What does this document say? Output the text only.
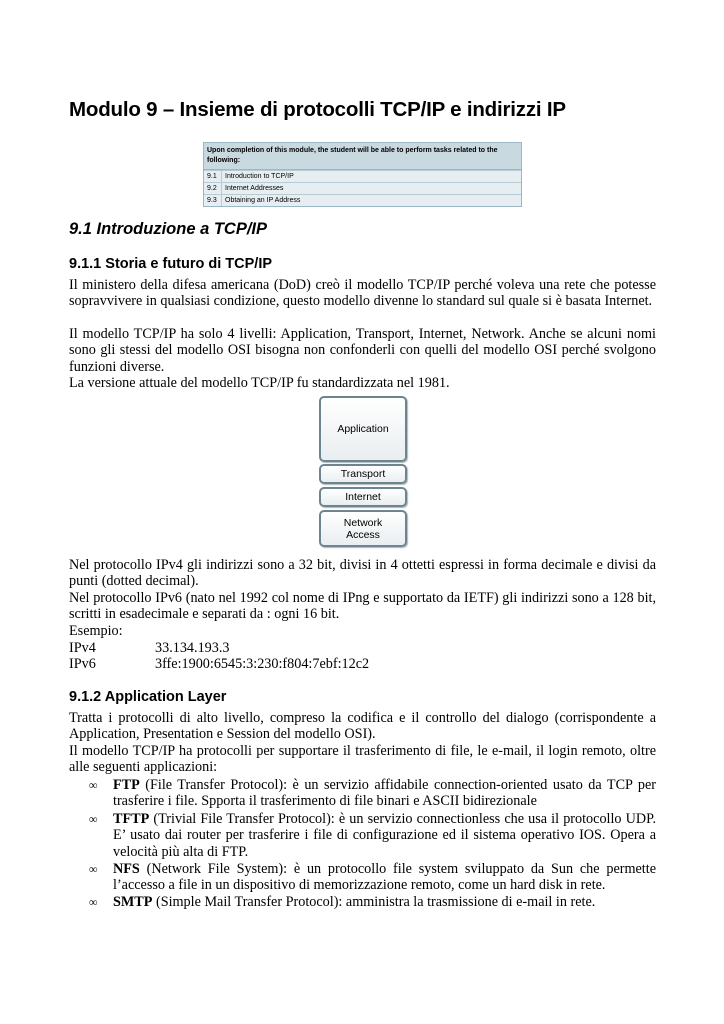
Modulo 9 – Insieme di protocolli TCP/IP e indirizzi IP
Upon completion of this module, the student will be able to perform tasks related to the following:
9.1	Introduction to TCP/IP
9.2	Internet Addresses
9.3	Obtaining an IP Address
9.1 Introduzione a TCP/IP
9.1.1 Storia e futuro di TCP/IP

Il ministero della difesa americana (DoD) creò il modello TCP/IP perché voleva una rete che potesse sopravvivere in qualsiasi condizione, questo modello divenne lo standard sul quale si è basata Internet.

Il modello TCP/IP ha solo 4 livelli: Application, Transport, Internet, Network. Anche se alcuni nomi sono gli stessi del modello OSI bisogna non confonderli con quelli del modello OSI perché svolgono funzioni diverse.

La versione attuale del modello TCP/IP fu standardizzata nel 1981.

Application
Transport
Internet
Network Access

Nel protocollo IPv4 gli indirizzi sono a 32 bit, divisi in 4 ottetti espressi in forma decimale e divisi da punti (dotted decimal).

Nel protocollo IPv6 (nato nel 1992 col nome di IPng e supportato da IETF) gli indirizzi sono a 128 bit, scritti in esadecimale e separati da : ogni 16 bit.

Esempio:
IPv4	33.134.193.3
IPv6	3ffe:1900:6545:3:230:f804:7ebf:12c2
9.1.2 Application Layer

Tratta i protocolli di alto livello, compreso la codifica e il controllo del dialogo (corrispondente a Application, Presentation e Session del modello OSI).

Il modello TCP/IP ha protocolli per supportare il trasferimento di file, le e-mail, il login remoto, oltre alle seguenti applicazioni:

∞ FTP (File Transfer Protocol): è un servizio affidabile connection-oriented usato da TCP per trasferire i file. Spporta il trasferimento di file binari e ASCII bidirezionale
∞ TFTP (Trivial File Transfer Protocol): è un servizio connectionless che usa il protocollo UDP. E’ usato dai router per trasferire i file di configurazione ed il sistema operativo IOS. Opera a velocità più alta di FTP.
∞ NFS (Network File System): è un protocollo file system sviluppato da Sun che permette l’accesso a file in un dispositivo di memorizzazione remoto, come un hard disk in rete.
∞ SMTP (Simple Mail Transfer Protocol): amministra la trasmissione di e-mail in rete.
